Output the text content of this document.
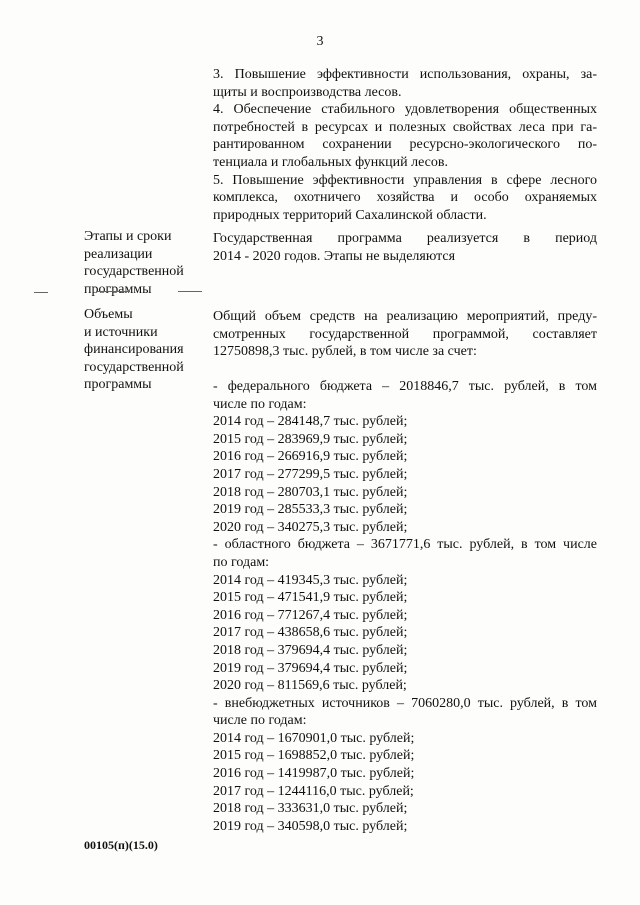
3
3. Повышение эффективности использования, охраны, за-
щиты и воспроизводства лесов.
4. Обеспечение стабильного удовлетворения общественных
потребностей в ресурсах и полезных свойствах леса при га-
рантированном сохранении ресурсно-экологического по-
тенциала и глобальных функций лесов.
5. Повышение эффективности управления в сфере лесного
комплекса, охотничего хозяйства и особо охраняемых
природных территорий Сахалинской области.
Этапы и сроки
реализации
государственной
программы
Государственная программа реализуется в период
2014 - 2020 годов. Этапы не выделяются
Объемы
и источники
финансирования
государственной
программы
Общий объем средств на реализацию мероприятий, преду-
смотренных государственной программой, составляет
12750898,3 тыс. рублей, в том числе за счет:
- федерального бюджета – 2018846,7 тыс. рублей, в том
числе по годам:
2014 год – 284148,7 тыс. рублей;
2015 год – 283969,9 тыс. рублей;
2016 год – 266916,9 тыс. рублей;
2017 год – 277299,5 тыс. рублей;
2018 год – 280703,1 тыс. рублей;
2019 год – 285533,3 тыс. рублей;
2020 год – 340275,3 тыс. рублей;
- областного бюджета – 3671771,6 тыс. рублей, в том числе
по годам:
2014 год – 419345,3 тыс. рублей;
2015 год – 471541,9 тыс. рублей;
2016 год – 771267,4 тыс. рублей;
2017 год – 438658,6 тыс. рублей;
2018 год – 379694,4 тыс. рублей;
2019 год – 379694,4 тыс. рублей;
2020 год – 811569,6 тыс. рублей;
- внебюджетных источников – 7060280,0 тыс. рублей, в том
числе по годам:
2014 год – 1670901,0 тыс. рублей;
2015 год – 1698852,0 тыс. рублей;
2016 год – 1419987,0 тыс. рублей;
2017 год – 1244116,0 тыс. рублей;
2018 год – 333631,0 тыс. рублей;
2019 год – 340598,0 тыс. рублей;
00105(п)(15.0)
